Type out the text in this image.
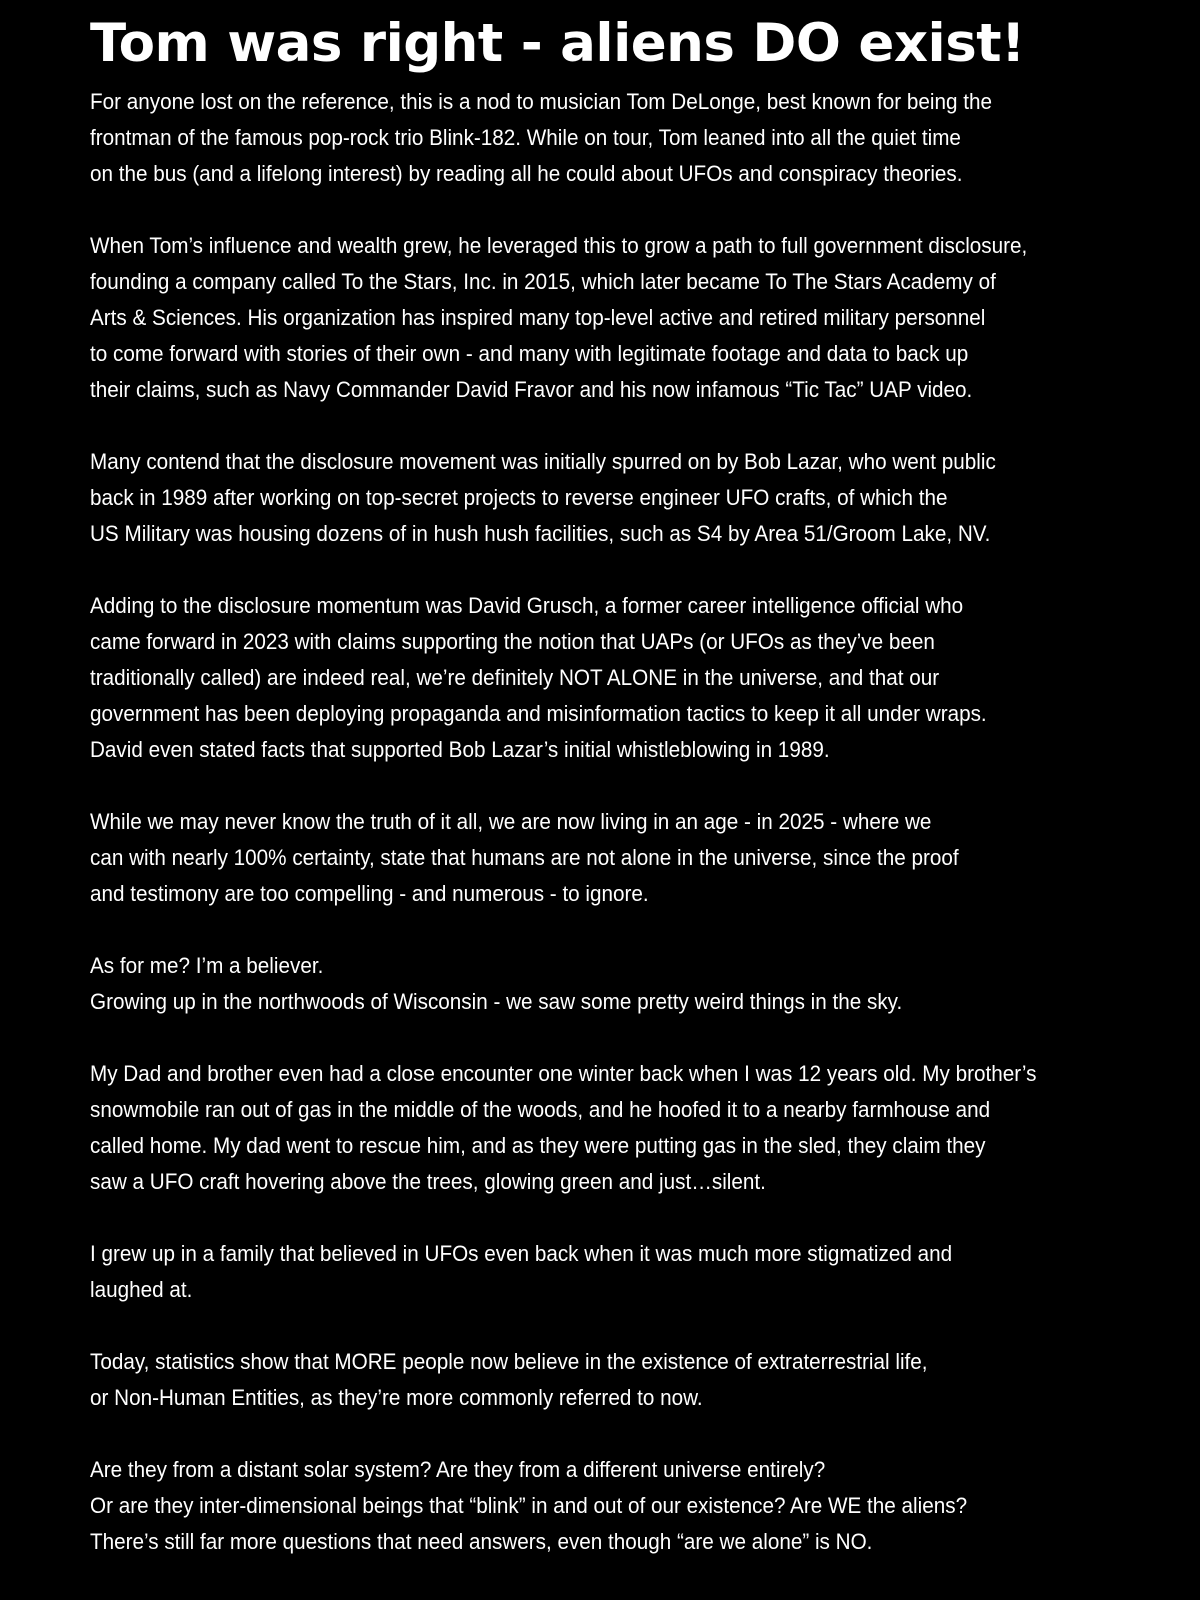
Tom was right - aliens DO exist!
For anyone lost on the reference, this is a nod to musician Tom DeLonge, best known for being the
frontman of the famous pop-rock trio Blink-182. While on tour, Tom leaned into all the quiet time
on the bus (and a lifelong interest) by reading all he could about UFOs and conspiracy theories.
When Tom’s influence and wealth grew, he leveraged this to grow a path to full government disclosure,
founding a company called To the Stars, Inc. in 2015, which later became To The Stars Academy of
Arts & Sciences. His organization has inspired many top-level active and retired military personnel
to come forward with stories of their own - and many with legitimate footage and data to back up
their claims, such as Navy Commander David Fravor and his now infamous “Tic Tac” UAP video.
Many contend that the disclosure movement was initially spurred on by Bob Lazar, who went public
back in 1989 after working on top-secret projects to reverse engineer UFO crafts, of which the
US Military was housing dozens of in hush hush facilities, such as S4 by Area 51/Groom Lake, NV.
Adding to the disclosure momentum was David Grusch, a former career intelligence official who
came forward in 2023 with claims supporting the notion that UAPs (or UFOs as they’ve been
traditionally called) are indeed real, we’re definitely NOT ALONE in the universe, and that our
government has been deploying propaganda and misinformation tactics to keep it all under wraps.
David even stated facts that supported Bob Lazar’s initial whistleblowing in 1989.
While we may never know the truth of it all, we are now living in an age - in 2025 - where we
can with nearly 100% certainty, state that humans are not alone in the universe, since the proof
and testimony are too compelling - and numerous - to ignore.
As for me? I’m a believer.
Growing up in the northwoods of Wisconsin - we saw some pretty weird things in the sky.
My Dad and brother even had a close encounter one winter back when I was 12 years old. My brother’s
snowmobile ran out of gas in the middle of the woods, and he hoofed it to a nearby farmhouse and
called home. My dad went to rescue him, and as they were putting gas in the sled, they claim they
saw a UFO craft hovering above the trees, glowing green and just…silent.
I grew up in a family that believed in UFOs even back when it was much more stigmatized and
laughed at.
Today, statistics show that MORE people now believe in the existence of extraterrestrial life,
or Non-Human Entities, as they’re more commonly referred to now.
Are they from a distant solar system? Are they from a different universe entirely?
Or are they inter-dimensional beings that “blink” in and out of our existence? Are WE the aliens?
There’s still far more questions that need answers, even though “are we alone” is NO.
